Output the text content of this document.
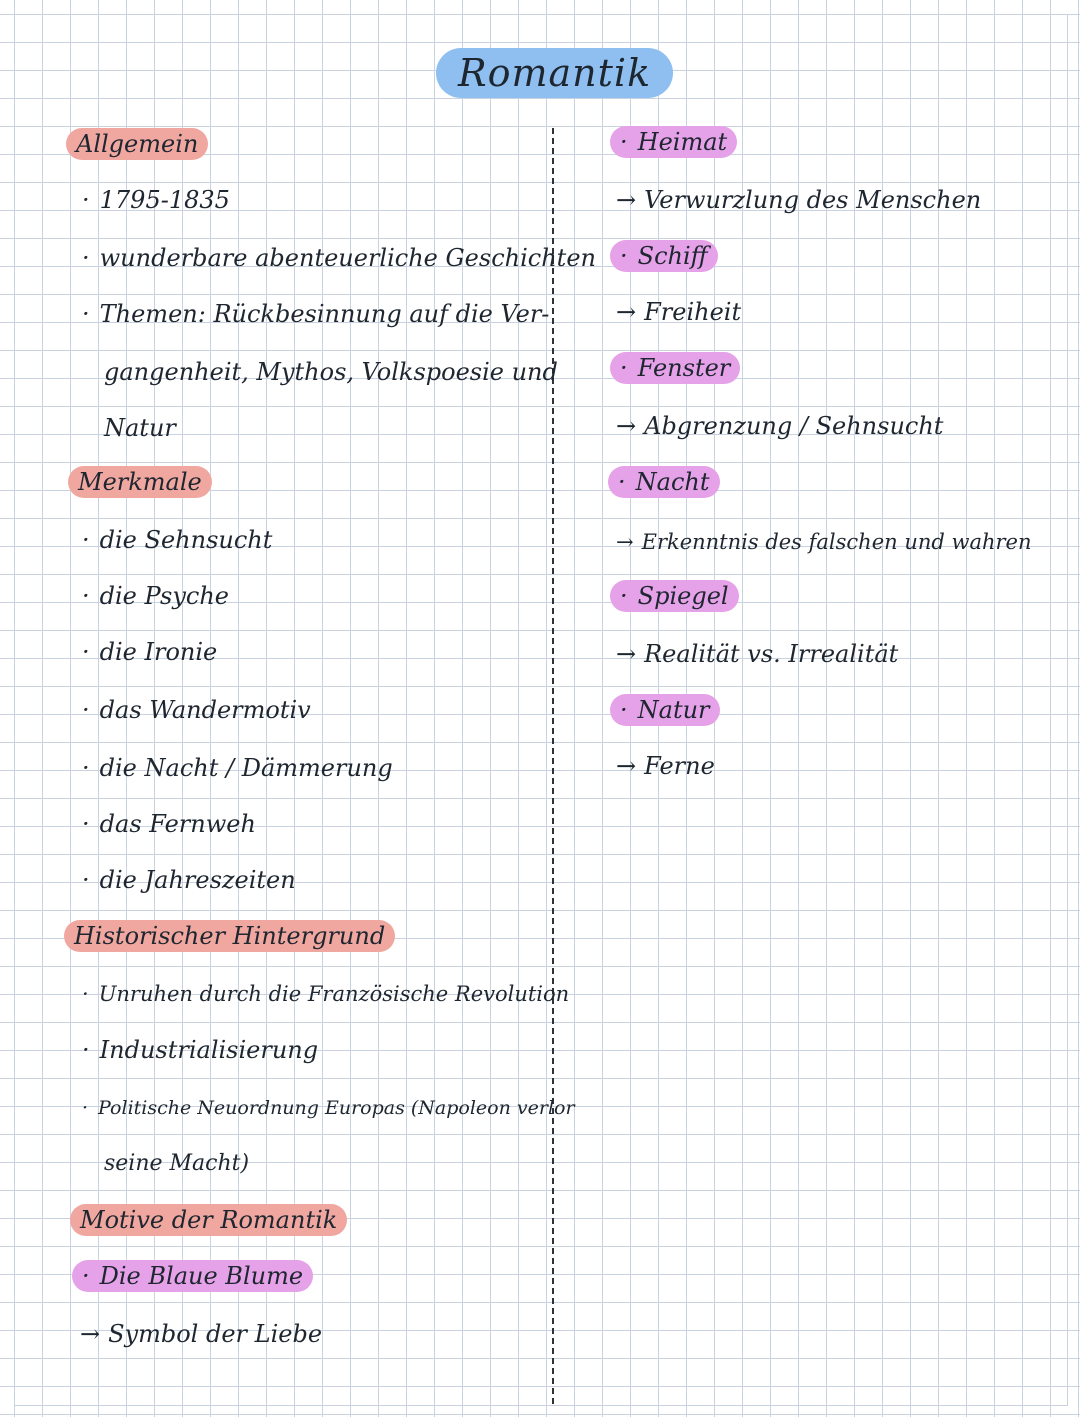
Romantik
Allgemein
· 1795-1835
· wunderbare abenteuerliche Geschichten
· Themen: Rückbesinnung auf die Ver-
gangenheit, Mythos, Volkspoesie und
Natur
Merkmale
· die Sehnsucht
· die Psyche
· die Ironie
· das Wandermotiv
· die Nacht / Dämmerung
· das Fernweh
· die Jahreszeiten
Historischer Hintergrund
· Unruhen durch die Französische Revolution
· Industrialisierung
· Politische Neuordnung Europas (Napoleon verlor
seine Macht)
Motive der Romantik
· Die Blaue Blume
→ Symbol der Liebe
· Heimat
→ Verwurzlung des Menschen
· Schiff
→ Freiheit
· Fenster
→ Abgrenzung / Sehnsucht
· Nacht
→ Erkenntnis des falschen und wahren
· Spiegel
→ Realität vs. Irrealität
· Natur
→ Ferne
